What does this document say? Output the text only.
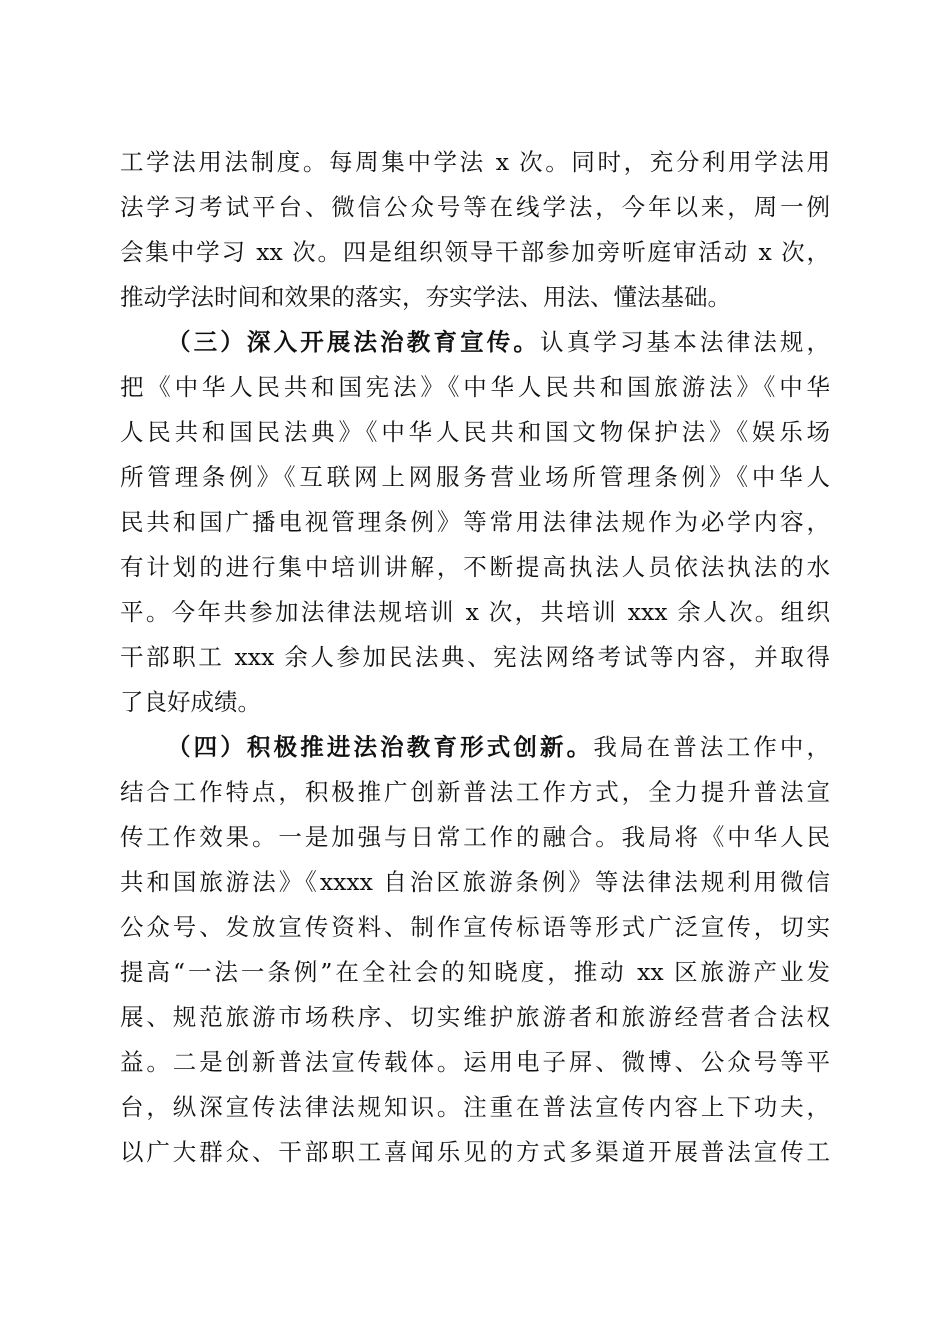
工学法用法制度。每周集中学法 x 次。同时，充分利用学法用
法学习考试平台、微信公众号等在线学法，今年以来，周一例
会集中学习 xx 次。四是组织领导干部参加旁听庭审活动 x 次，
推动学法时间和效果的落实，夯实学法、用法、懂法基础。
（三）深入开展法治教育宣传。认真学习基本法律法规，
把《中华人民共和国宪法》《中华人民共和国旅游法》《中华
人民共和国民法典》《中华人民共和国文物保护法》《娱乐场
所管理条例》《互联网上网服务营业场所管理条例》《中华人
民共和国广播电视管理条例》等常用法律法规作为必学内容，
有计划的进行集中培训讲解，不断提高执法人员依法执法的水
平。今年共参加法律法规培训 x 次，共培训 xxx 余人次。组织
干部职工 xxx 余人参加民法典、宪法网络考试等内容，并取得
了良好成绩。
（四）积极推进法治教育形式创新。我局在普法工作中，
结合工作特点，积极推广创新普法工作方式，全力提升普法宣
传工作效果。一是加强与日常工作的融合。我局将《中华人民
共和国旅游法》《xxxx 自治区旅游条例》等法律法规利用微信
公众号、发放宣传资料、制作宣传标语等形式广泛宣传，切实
提高“一法一条例”在全社会的知晓度，推动 xx 区旅游产业发
展、规范旅游市场秩序、切实维护旅游者和旅游经营者合法权
益。二是创新普法宣传载体。运用电子屏、微博、公众号等平
台，纵深宣传法律法规知识。注重在普法宣传内容上下功夫，
以广大群众、干部职工喜闻乐见的方式多渠道开展普法宣传工
